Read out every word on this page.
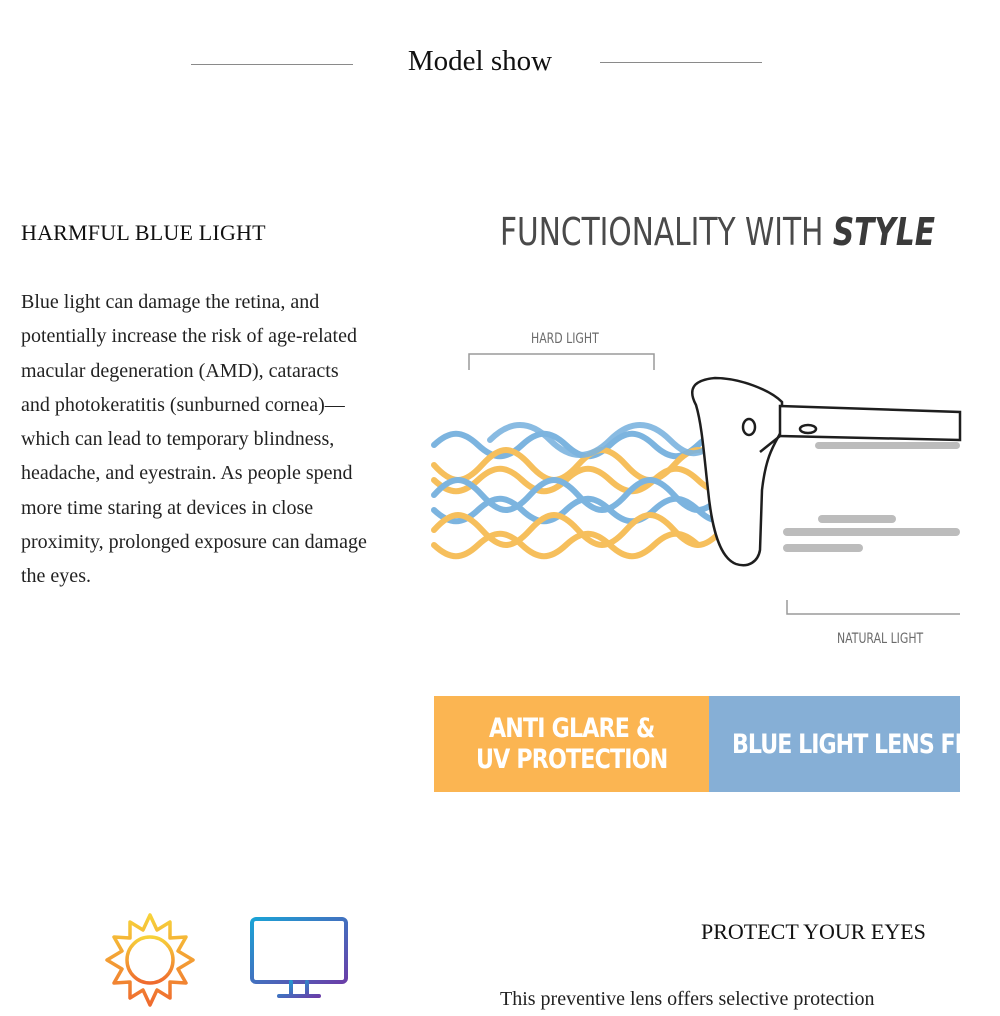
Model show
HARMFUL BLUE LIGHT

Blue light can damage the retina, and potentially increase the risk of age-related macular degeneration (AMD), cataracts and photokeratitis (sunburned cornea)—which can lead to temporary blindness, headache, and eyestrain. As people spend more time staring at devices in close proximity, prolonged exposure can damage the eyes.

FUNCTIONALITY WITH STYLE
HARD LIGHT
NATURAL LIGHT
ANTI GLARE &
UV PROTECTION BLUE LIGHT LENS FILTE
PROTECT YOUR EYES

This preventive lens offers selective protection
